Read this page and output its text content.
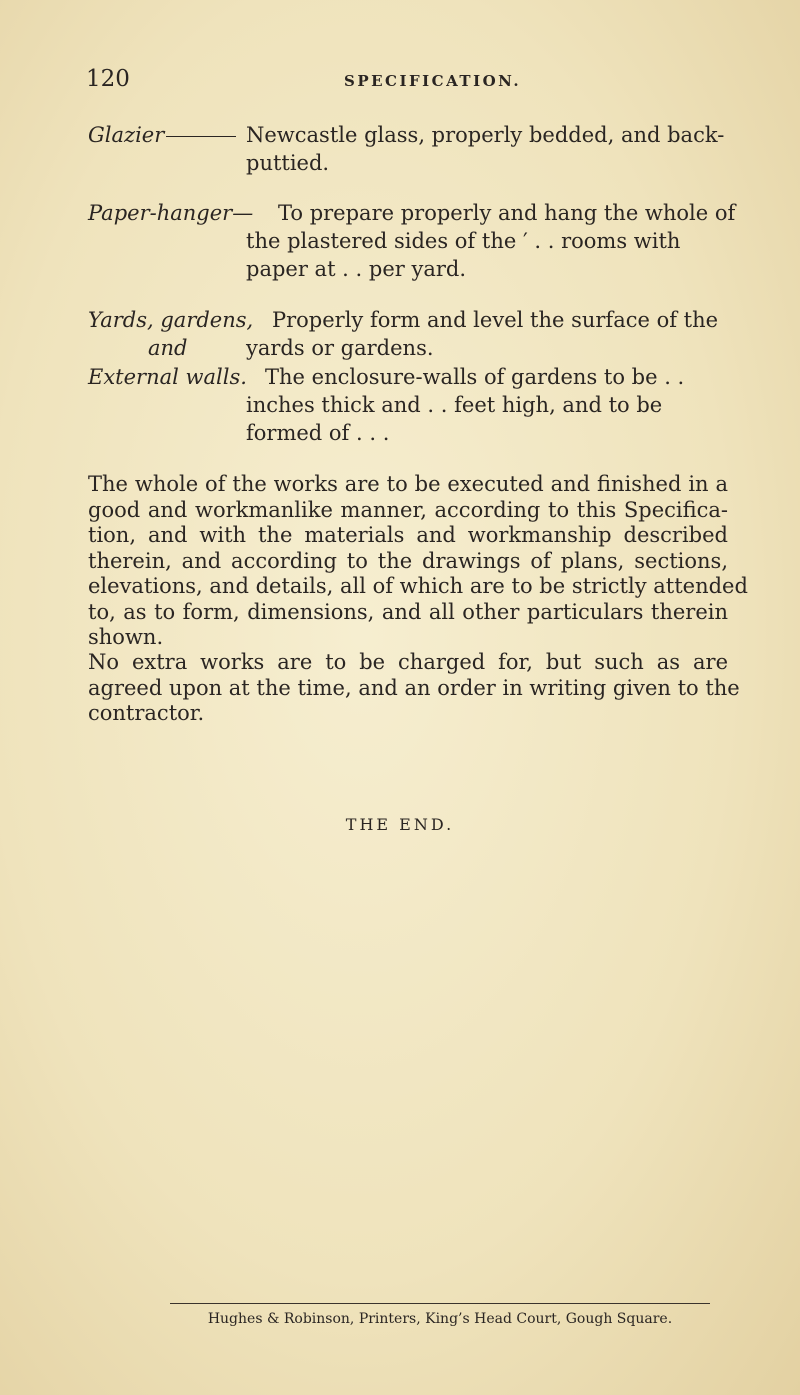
120	SPECIFICATION.
Glazier	Newcastle glass, properly bedded, and back-
puttied.
Paper-hanger— To prepare properly and hang the whole of
the plastered sides of the ′ . . rooms with
paper at . . per yard.
Yards, gardens,
and
Properly form and level the surface of the
yards or gardens.
External walls. The enclosure-walls of gardens to be . .
inches thick and . . feet high, and to be
formed of . . .
The whole of the works are to be executed and finished in a
good and workmanlike manner, according to this Specifica-
tion, and with the materials and workmanship described
therein, and according to the drawings of plans, sections,
elevations, and details, all of which are to be strictly attended
to, as to form, dimensions, and all other particulars therein
shown.
No extra works are to be charged for, but such as are
agreed upon at the time, and an order in writing given to the
contractor.
THE END.
Hughes & Robinson, Printers, King’s Head Court, Gough Square.
